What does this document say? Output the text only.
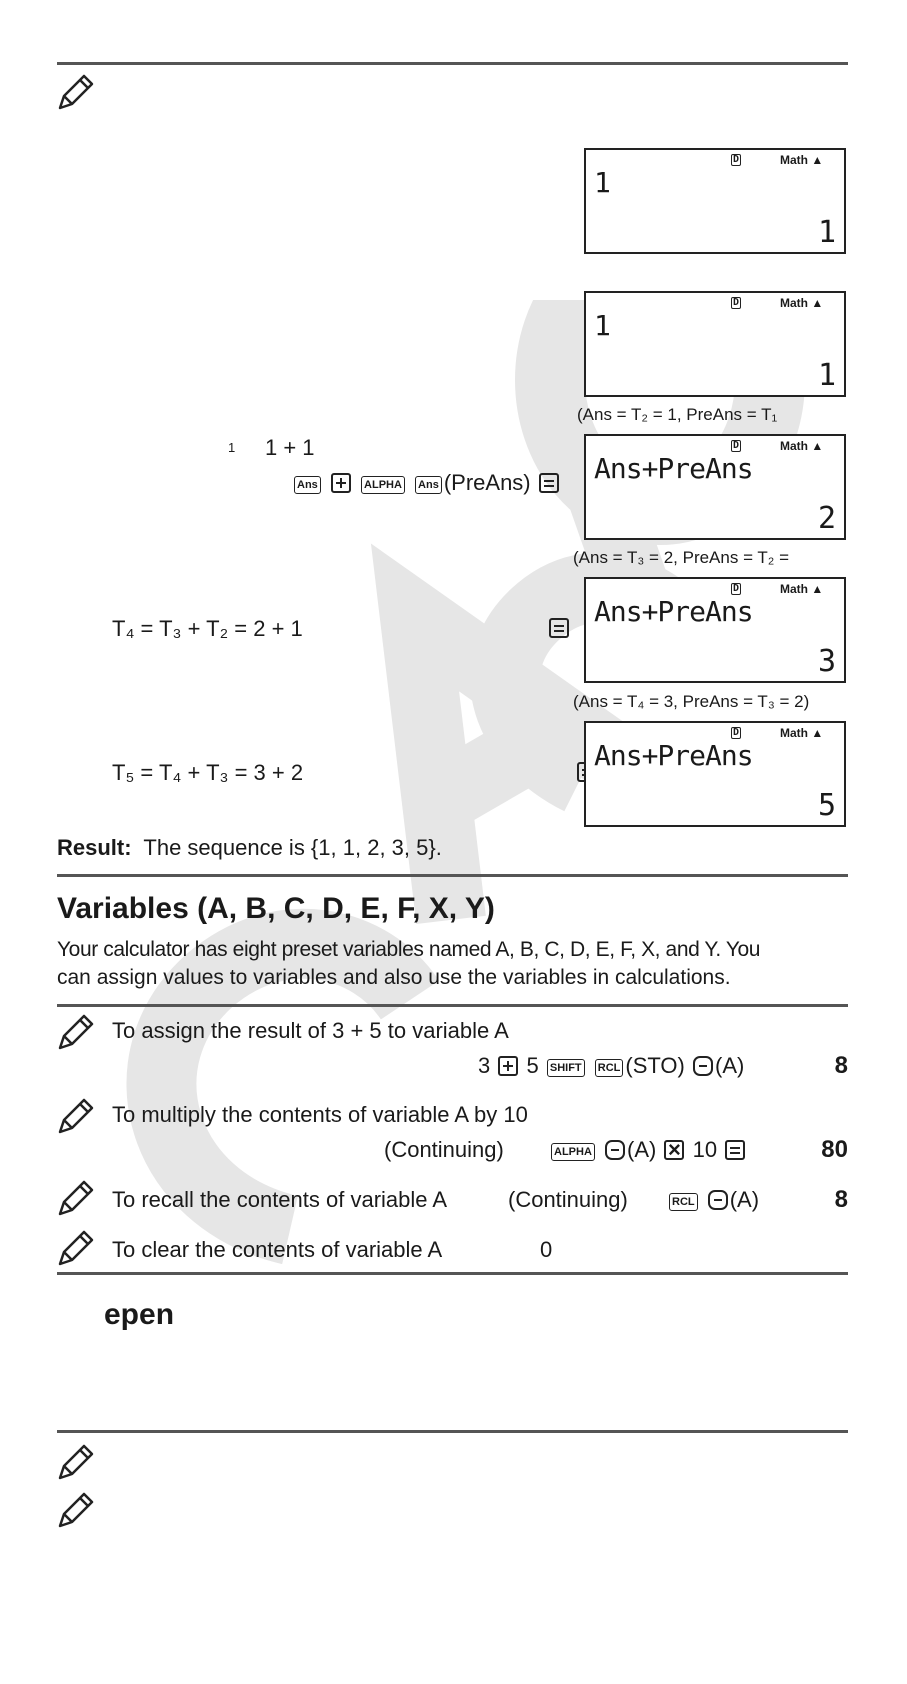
D	Math ▲
1
1
D	Math ▲
1
1
(Ans = T₂ = 1, PreAns = T₁
1 1 + 1
Ans	ALPHA Ans (PreAns)
D	Math ▲
Ans+PreAns
2
(Ans = T₃ = 2, PreAns = T₂ =
T₄ = T₃ + T₂ = 2 + 1

D	Math ▲
Ans+PreAns
3
(Ans = T₄ = 3, PreAns = T₃ = 2)
T₅ = T₄ + T₃ = 3 + 2
D	Math ▲
Ans+PreAns
5
Result: The sequence is {1, 1, 2, 3, 5}.
Variables (A, B, C, D, E, F, X, Y)
Your calculator has eight preset variables named A, B, C, D, E, F, X, and Y. You
can assign values to variables and also use the variables in calculations.
To assign the result of 3 + 5 to variable A
3 5 SHIFT RCL (STO) (A)	8
To multiply the contents of variable A by 10
(Continuing)	ALPHA (A) × 10	80
To recall the contents of variable A	(Continuing)	RCL (A)	8
To clear the contents of variable A	0
epen
